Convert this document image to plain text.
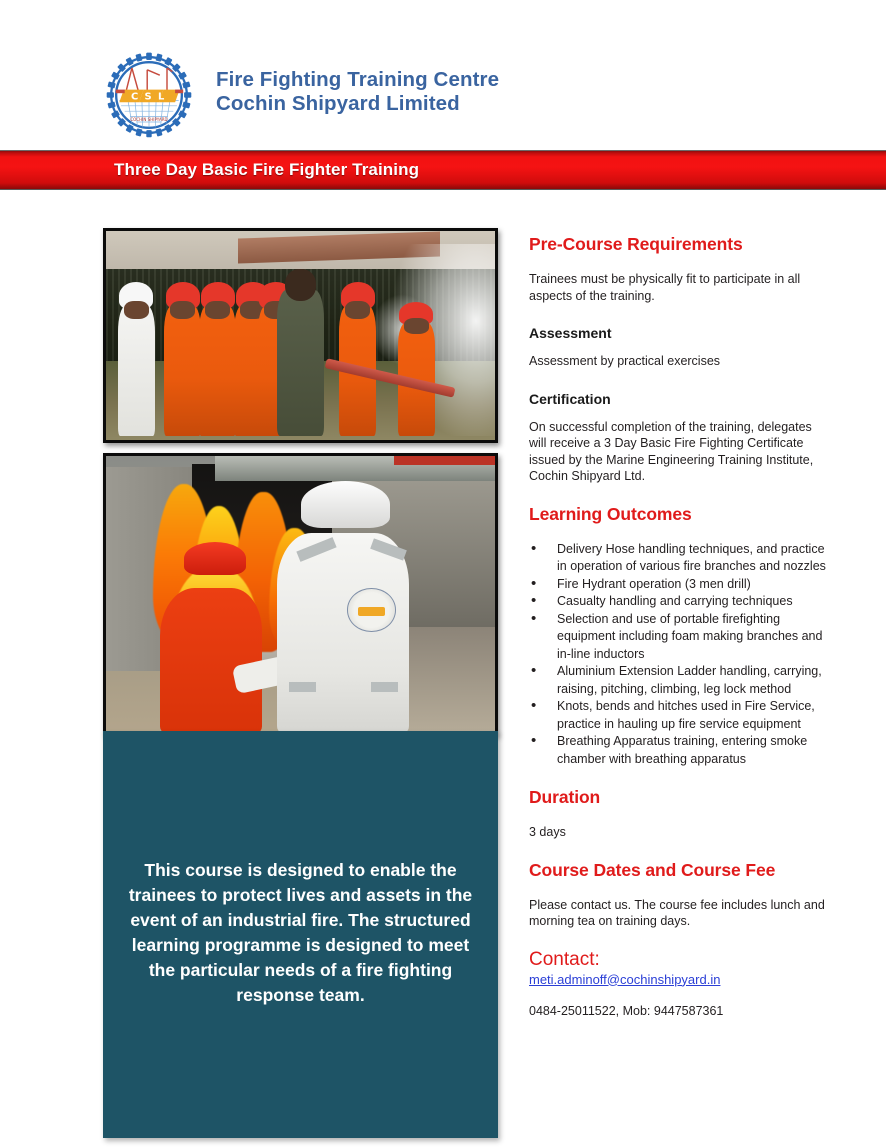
C S L
COCHIN SHIPYARD
Fire Fighting Training Centre
Cochin Shipyard Limited
Three Day Basic Fire Fighter Training
This course is designed to enable the trainees to protect lives and assets in the event of an industrial fire. The structured learning programme is designed to meet the particular needs of a fire fighting response team.
Pre-Course Requirements

Trainees must be physically fit to participate in all aspects of the training.

Assessment

Assessment by practical exercises

Certification

On successful completion of the training, delegates will receive a 3 Day Basic Fire Fighting Certificate issued by the Marine Engineering Training Institute, Cochin Shipyard Ltd.

Learning Outcomes
• Delivery Hose handling techniques, and practice in operation of various fire branches and nozzles
• Fire Hydrant operation (3 men drill)
• Casualty handling and carrying techniques
• Selection and use of portable firefighting equipment including foam making branches and in-line inductors
• Aluminium Extension Ladder handling, carrying, raising, pitching, climbing, leg lock method
• Knots, bends and hitches used in Fire Service, practice in hauling up fire service equipment
• Breathing Apparatus training, entering smoke chamber with breathing apparatus
Duration

3 days

Course Dates and Course Fee

Please contact us. The course fee includes lunch and morning tea on training days.

Contact:
meti.adminoff@cochinshipyard.in

0484-25011522, Mob: 9447587361
